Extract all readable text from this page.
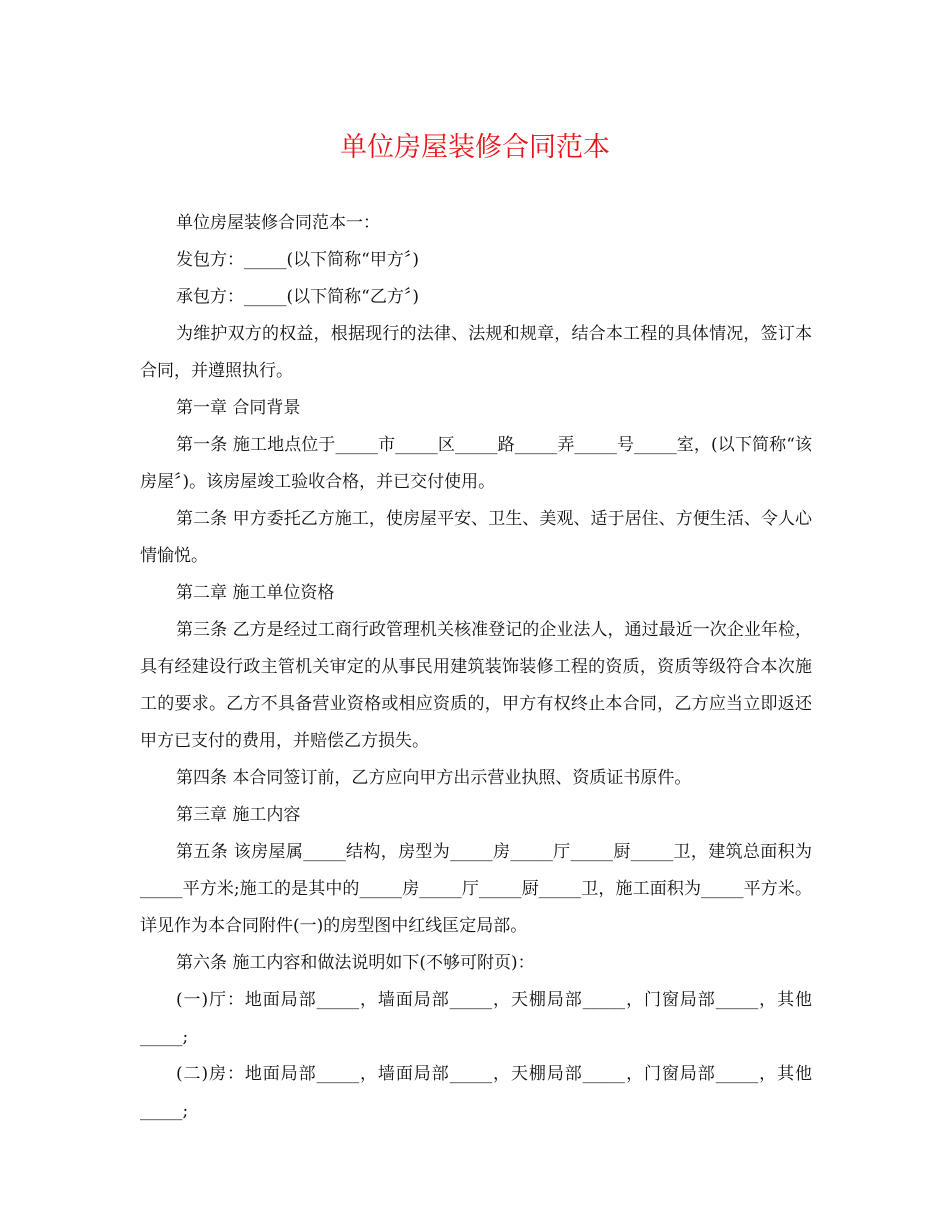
单位房屋装修合同范本

单位房屋装修合同范本一：

发包方：_____(以下简称“甲方〞)

承包方：_____(以下简称“乙方〞)

为维护双方的权益，根据现行的法律、法规和规章，结合本工程的具体情况，签订本合同，并遵照执行。

第一章 合同背景

第一条 施工地点位于_____市_____区_____路_____弄_____号_____室，(以下简称“该房屋〞)。该房屋竣工验收合格，并已交付使用。

第二条 甲方委托乙方施工，使房屋平安、卫生、美观、适于居住、方便生活、令人心情愉悦。

第二章 施工单位资格

第三条 乙方是经过工商行政管理机关核准登记的企业法人，通过最近一次企业年检，具有经建设行政主管机关审定的从事民用建筑装饰装修工程的资质，资质等级符合本次施工的要求。乙方不具备营业资格或相应资质的，甲方有权终止本合同，乙方应当立即返还甲方已支付的费用，并赔偿乙方损失。

第四条 本合同签订前，乙方应向甲方出示营业执照、资质证书原件。

第三章 施工内容

第五条 该房屋属_____结构，房型为_____房_____厅_____厨_____卫，建筑总面积为_____平方米;施工的是其中的_____房_____厅_____厨_____卫，施工面积为_____平方米。详见作为本合同附件(一)的房型图中红线匡定局部。

第六条 施工内容和做法说明如下(不够可附页)：

(一)厅：地面局部_____，墙面局部_____，天棚局部_____，门窗局部_____，其他_____;

(二)房：地面局部_____，墙面局部_____，天棚局部_____，门窗局部_____，其他_____;
